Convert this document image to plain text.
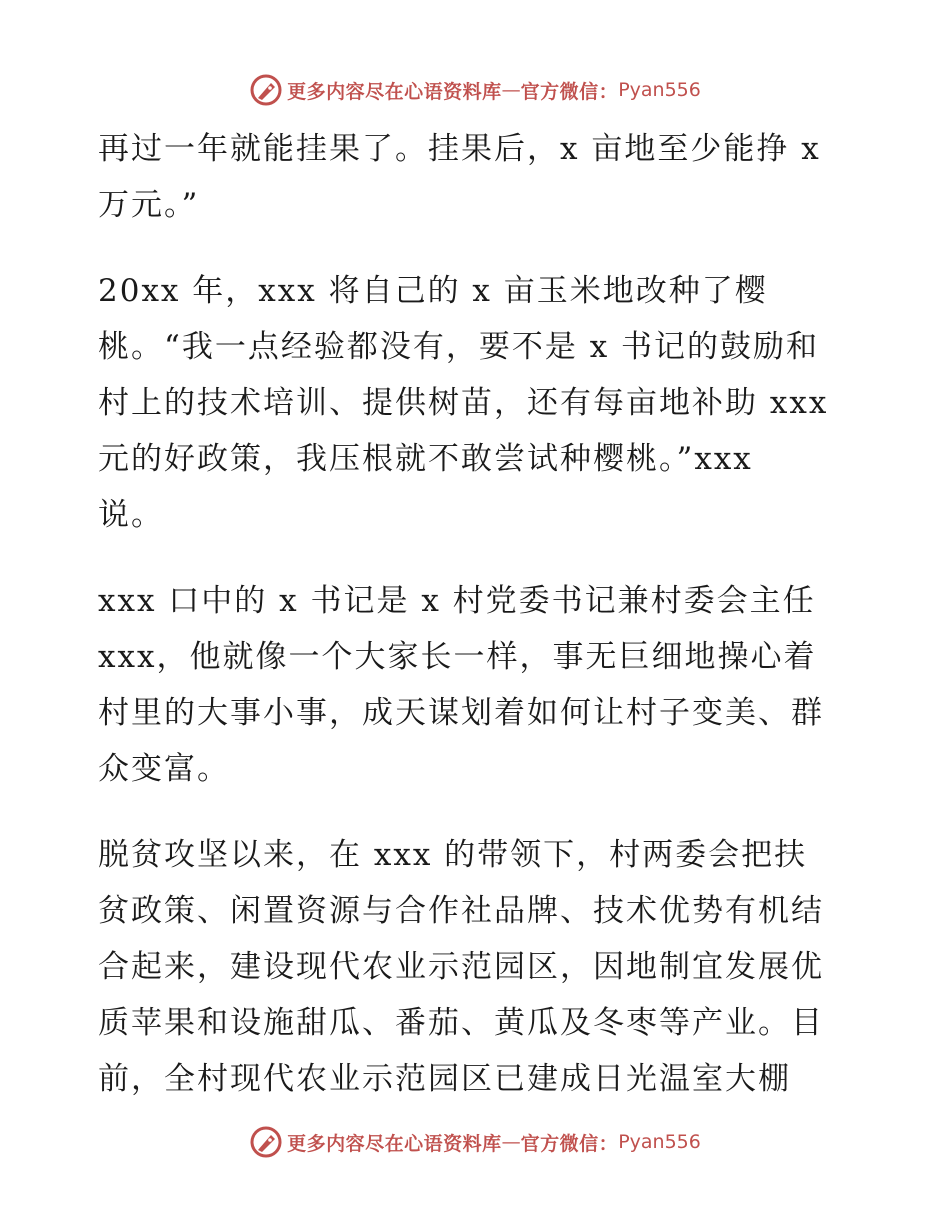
更多内容尽在心语资料库 — 官方微信： Pyan556
再过一年就能挂果了。挂果后，x 亩地至少能挣 x
万元。”
20xx 年，xxx 将自己的 x 亩玉米地改种了樱
桃。“我一点经验都没有，要不是 x 书记的鼓励和
村上的技术培训、提供树苗，还有每亩地补助 xxx
元的好政策，我压根就不敢尝试种樱桃。”xxx
说。
xxx 口中的 x 书记是 x 村党委书记兼村委会主任
xxx，他就像一个大家长一样，事无巨细地操心着
村里的大事小事，成天谋划着如何让村子变美、群
众变富。
脱贫攻坚以来，在 xxx 的带领下，村两委会把扶
贫政策、闲置资源与合作社品牌、技术优势有机结
合起来，建设现代农业示范园区，因地制宜发展优
质苹果和设施甜瓜、番茄、黄瓜及冬枣等产业。目
前，全村现代农业示范园区已建成日光温室大棚
更多内容尽在心语资料库 — 官方微信： Pyan556
